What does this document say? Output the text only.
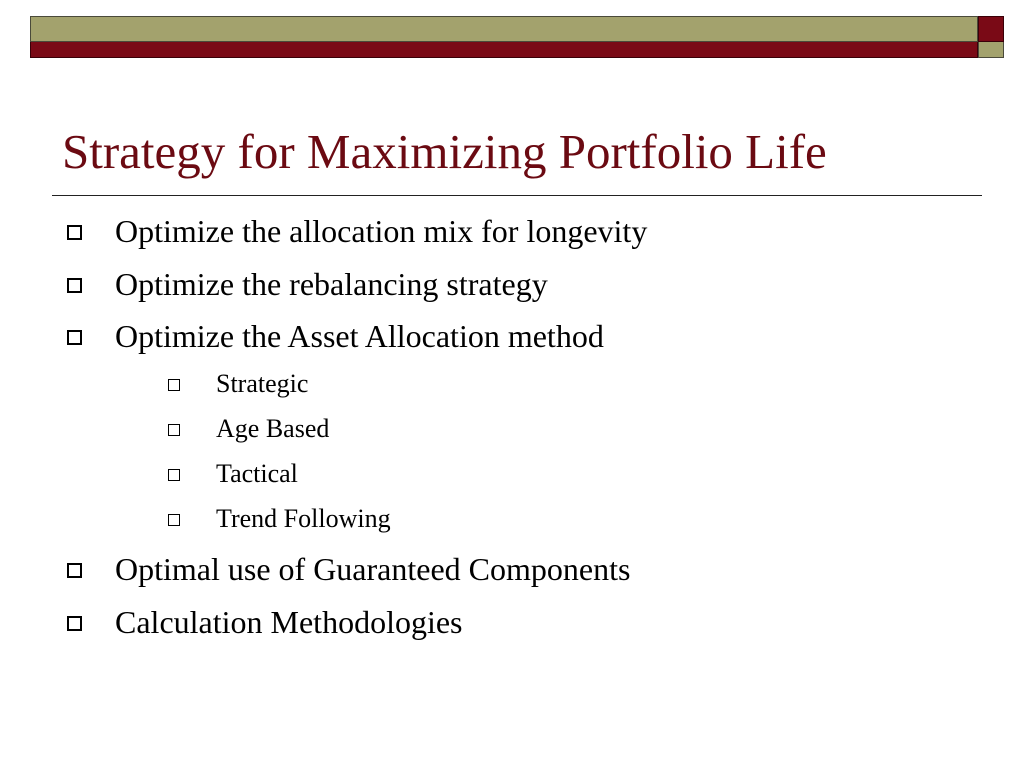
Strategy for Maximizing Portfolio Life
Optimize the allocation mix for longevity
Optimize the rebalancing strategy
Optimize the Asset Allocation method
Strategic
Age Based
Tactical
Trend Following
Optimal use of Guaranteed Components
Calculation Methodologies
